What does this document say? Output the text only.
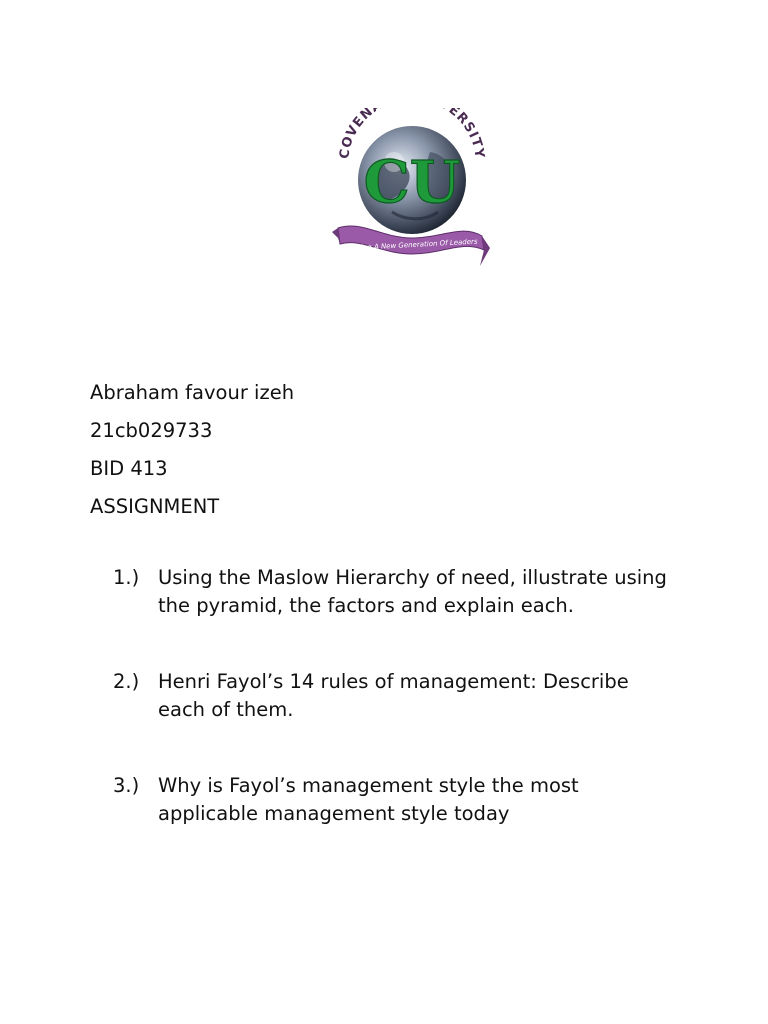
COVEN ERSITY
CU
Raising A New Generation Of Leaders
Abraham favour izeh
21cb029733
BID 413
ASSIGNMENT
1.) Using the Maslow Hierarchy of need, illustrate using the pyramid, the factors and explain each.
2.) Henri Fayol’s 14 rules of management: Describe each of them.
3.) Why is Fayol’s management style the most applicable management style today
